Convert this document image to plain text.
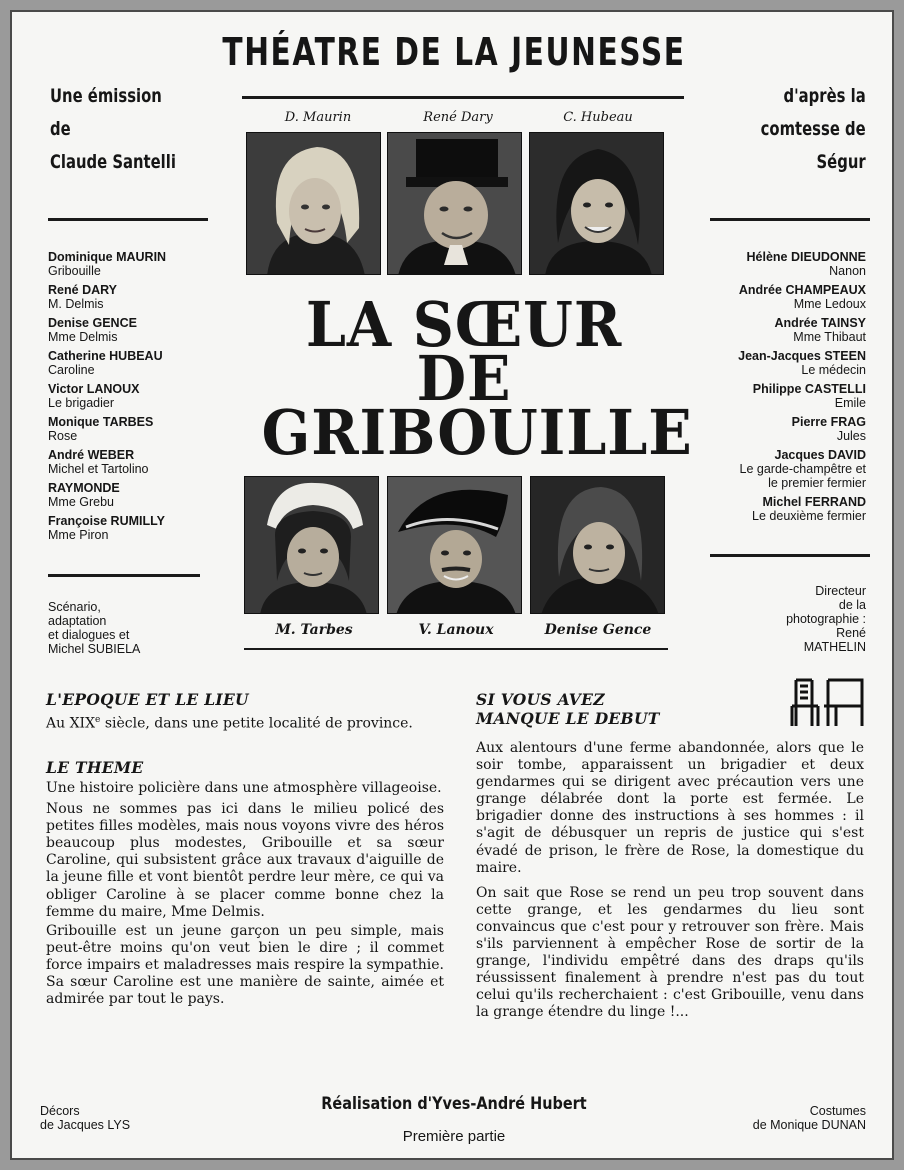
THÉATRE DE LA JEUNESSE
Une émission
de
Claude Santelli
d'après la
comtesse de
Ségur
D. Maurin	René Dary	C. Hubeau
LA SŒUR
DE
GRIBOUILLE
M. Tarbes	V. Lanoux	Denise Gence
Dominique MAURIN
Gribouille
René DARY
M. Delmis
Denise GENCE
Mme Delmis
Catherine HUBEAU
Caroline
Victor LANOUX
Le brigadier
Monique TARBES
Rose
André WEBER
Michel et Tartolino
RAYMONDE
Mme Grebu
Françoise RUMILLY
Mme Piron
Scénario,
adaptation
et dialogues et
Michel SUBIELA
Hélène DIEUDONNE
Nanon
Andrée CHAMPEAUX
Mme Ledoux
Andrée TAINSY
Mme Thibaut
Jean-Jacques STEEN
Le médecin
Philippe CASTELLI
Emile
Pierre FRAG
Jules
Jacques DAVID
Le garde-champêtre et
le premier fermier
Michel FERRAND
Le deuxième fermier
Directeur
de la
photographie :
René
MATHELIN
L'EPOQUE ET LE LIEU
Au XIXe siècle, dans une petite localité de province.
LE THEME

Une histoire policière dans une atmosphère villageoise.

Nous ne sommes pas ici dans le milieu policé des petites filles modèles, mais nous voyons vivre des héros beaucoup plus modestes, Gribouille et sa sœur Caroline, qui subsistent grâce aux travaux d'aiguille de la jeune fille et vont bientôt perdre leur mère, ce qui va obliger Caroline à se placer comme bonne chez la femme du maire, Mme Delmis.

Gribouille est un jeune garçon un peu simple, mais peut-être moins qu'on veut bien le dire ; il commet force impairs et maladresses mais respire la sympathie. Sa sœur Caroline est une manière de sainte, aimée et admirée par tout le pays.

SI VOUS AVEZ
MANQUE LE DEBUT

Aux alentours d'une ferme abandonnée, alors que le soir tombe, apparaissent un brigadier et deux gendarmes qui se dirigent avec précaution vers une grange délabrée dont la porte est fermée. Le brigadier donne des instructions à ses hommes : il s'agit de débusquer un repris de justice qui s'est évadé de prison, le frère de Rose, la domestique du maire.

On sait que Rose se rend un peu trop souvent dans cette grange, et les gendarmes du lieu sont convaincus que c'est pour y retrouver son frère. Mais s'ils parviennent à empêcher Rose de sortir de la grange, l'individu empêtré dans des draps qu'ils réussissent finalement à prendre n'est pas du tout celui qu'ils recherchaient : c'est Gribouille, venu dans la grange étendre du linge !...

Décors
de Jacques LYS
Réalisation d'Yves-André Hubert
Première partie
Costumes
de Monique DUNAN
